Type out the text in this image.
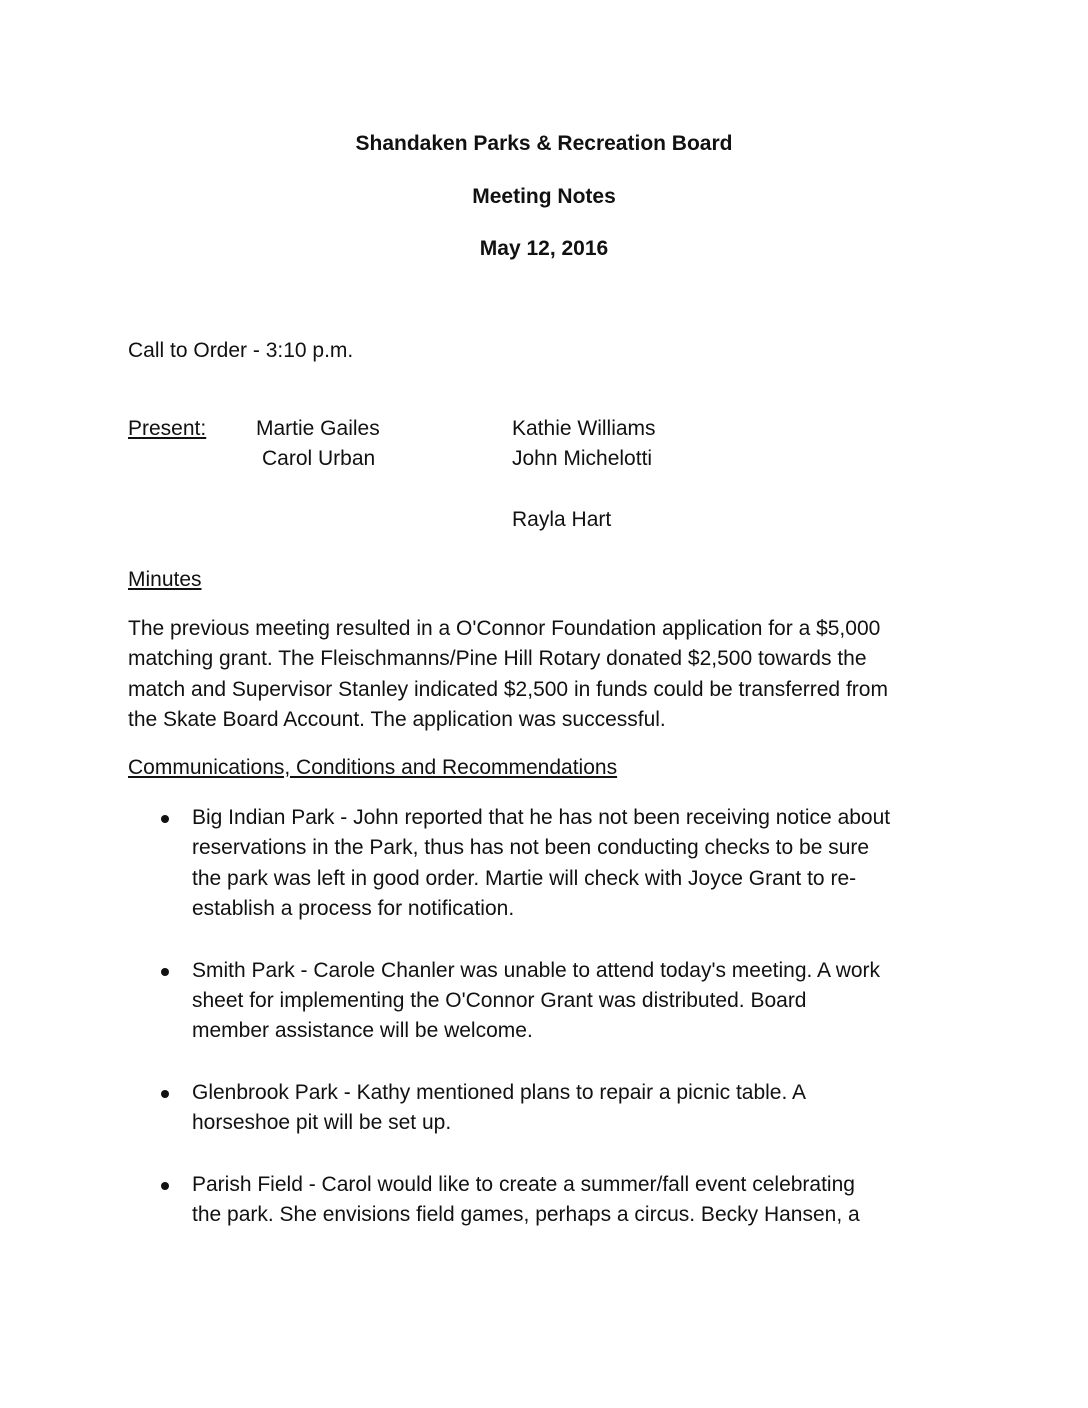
Shandaken Parks & Recreation Board
Meeting Notes
May 12, 2016
Call to Order - 3:10 p.m.
Present: Martie Gailes
Carol Urban
Kathie Williams
John Michelotti
Rayla Hart
Minutes
The previous meeting resulted in a O'Connor Foundation application for a $5,000
matching grant. The Fleischmanns/Pine Hill Rotary donated $2,500 towards the
match and Supervisor Stanley indicated $2,500 in funds could be transferred from
the Skate Board Account. The application was successful.
Communications, Conditions and Recommendations
Big Indian Park - John reported that he has not been receiving notice about
reservations in the Park, thus has not been conducting checks to be sure
the park was left in good order. Martie will check with Joyce Grant to re-
establish a process for notification.
Smith Park - Carole Chanler was unable to attend today's meeting. A work
sheet for implementing the O'Connor Grant was distributed. Board
member assistance will be welcome.
Glenbrook Park - Kathy mentioned plans to repair a picnic table. A
horseshoe pit will be set up.
Parish Field - Carol would like to create a summer/fall event celebrating
the park. She envisions field games, perhaps a circus. Becky Hansen, a
